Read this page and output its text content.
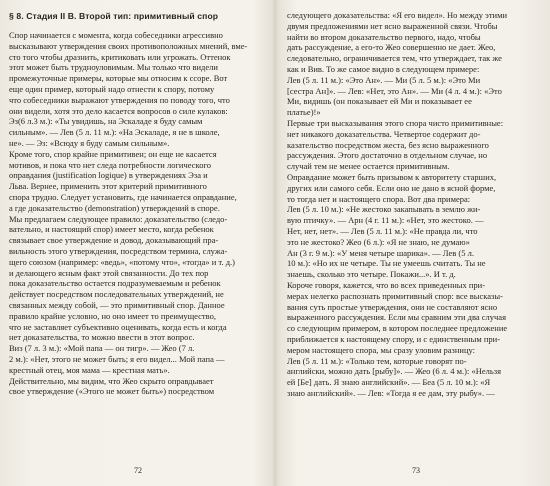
§ 8. Стадия II B. Второй тип: примитивный спор
Спор начинается с момента, когда собеседники агрессивно
высказывают утверждения своих противоположных мнений, вме-
сто того чтобы дразнить, критиковать или угрожать. Оттенок
этот может быть трудноуловимым. Мы только что видели
промежуточные примеры, которые мы относим к ссоре. Вот
еще один пример, который надо отнести к спору, потому
что собеседники выражают утверждения по поводу того, что
они видели, хотя это дело касается вопросов о силе кулаков:
Эз(6 л.3 м.): «Ты увидишь, на Эскаладе я буду самым
сильным». — Лев (5 л. 11 м.): «На Эскаладе, я не в школе,
не». — Эз: «Всюду я буду самым сильным».
Кроме того, спор крайне примитивен; он еще не касается
мотивов, и пока что нет следа потребности логического
оправдания (justification logique) в утверждениях Эза и
Льва. Вернее, применить этот критерий примитивного
спора трудно. Следует установить, где начинается оправдание,
а где доказательство (demonstration) утверждений в споре.
Мы предлагаем следующее правило: доказательство (следо-
вательно, и настоящий спор) имеет место, когда ребенок
связывает свое утверждение и довод, доказывающий пра-
вильность этого утверждения, посредством термина, служа-
щего союзом (например: «ведь», «потому что», «тогда» и т. д.)
и делающего ясным факт этой связанности. До тех пор
пока доказательство остается подразумеваемым и ребенок
действует посредством последовательных утверждений, не
связанных между собой, — это примитивный спор. Данное
правило крайне условно, но оно имеет то преимущество,
что не заставляет субъективно оценивать, когда есть и когда
нет доказательства, то можно ввести в этот вопрос.
Виз (7 л. 3 м.): «Мой папа — он тигр». — Жео (7 л.
2 м.): «Нет, этого не может быть; я его видел... Мой папа —
крестный отец, моя мама — крестная мать».
Действительно, мы видим, что Жео скрыто оправдывает
свое утверждение («Этого не может быть») посредством
72
следующего доказательства: «Я его видел». Но между этими
двумя предложениями нет ясно выраженной связи. Чтобы
найти во втором доказательство первого, надо, чтобы
дать рассуждение, а его-то Жео совершенно не дает. Жео,
следовательно, ограничивается тем, что утверждает, так же
как и Вив. То же самое видно в следующем примере:
Лев (5 л. 11 м.): «Это Ан». — Ми (5 л. 5 м.): «Это Ми
[сестра Ан]». — Лев: «Нет, это Ан». — Ми (4 л. 4 м.): «Это
Ми, видишь (он показывает ей Ми и показывает ее
платье)!»
Первые три высказывания этого спора чисто примитивные:
нет никакого доказательства. Четвертое содержит до-
казательство посредством жеста, без ясно выраженного
рассуждения. Этого достаточно в отдельном случае, но
случай тем не менее остается примитивным.
Оправдание может быть призывом к авторитету старших,
других или самого себя. Если оно не дано в ясной форме,
то тогда нет и настоящего спора. Вот два примера:
Лев (5 л. 10 м.): «Не жестоко закапывать в землю жи-
вую птичку». — Арн (4 г. 11 м.): «Нет, это жестоко. —
Нет, нет, нет». — Лев (5 л. 11 м.): «Не правда ли, что
это не жестоко? Жео (6 л.): «Я не знаю, не думаю»
Ан (3 г. 9 м.): «У меня четыре шарика». — Лев (5 л.
10 м.): «Но их не четыре. Ты не умеешь считать. Ты не
знаешь, сколько это четыре. Покажи...». И т. д.
Короче говоря, кажется, что во всех приведенных при-
мерах нелегко распознать примитивный спор: все высказы-
вания суть простые утверждения, они не составляют ясно
выраженного рассуждения. Если мы сравним эти два случая
со следующим примером, в котором последнее предложение
приближается к настоящему спору, и с единственным при-
мером настоящего спора, мы сразу уловим разницу:
Лев (5 л. 11 м.): «Только тем, которые говорят по-
английски, можно дать [рыбу]». — Жео (6 л. 4 м.): «Нельзя
ей [Бе] дать. Я знаю английский». — Беа (5 л. 10 м.): «Я
знаю английский». — Лев: «Тогда я ее дам, эту рыбу». —
73
